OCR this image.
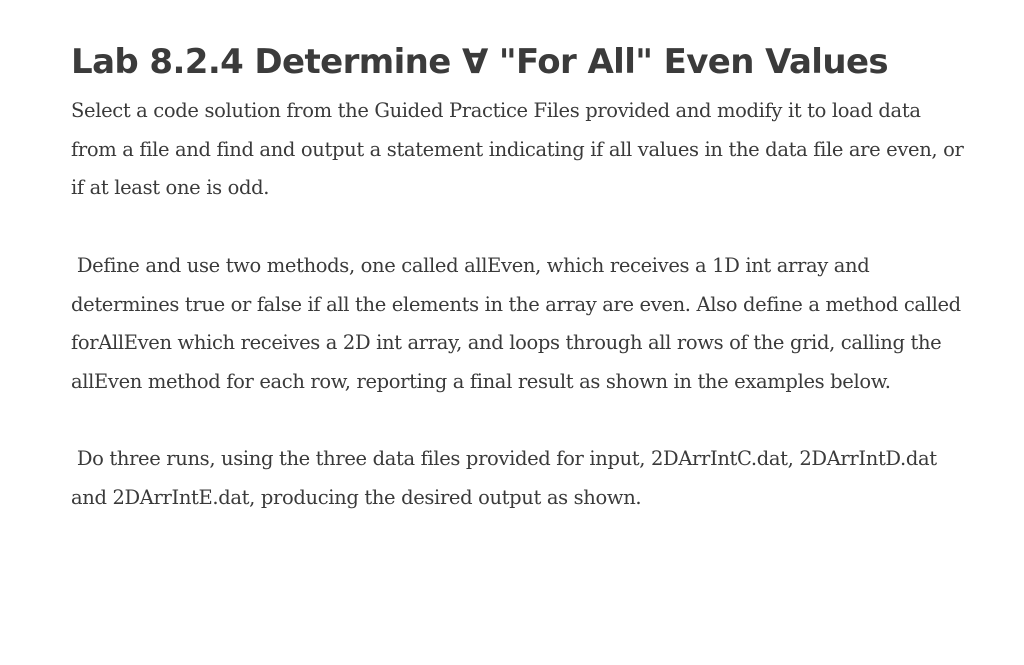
Lab 8.2.4 Determine ∀ "For All" Even Values

Select a code solution from the Guided Practice Files provided and modify it to load data from a file and find and output a statement indicating if all values in the data file are even, or if at least one is odd.

Define and use two methods, one called allEven, which receives a 1D int array and determines true or false if all the elements in the array are even. Also define a method called forAllEven which receives a 2D int array, and loops through all rows of the grid, calling the allEven method for each row, reporting a final result as shown in the examples below.

Do three runs, using the three data files provided for input, 2DArrIntC.dat, 2DArrIntD.dat and 2DArrIntE.dat, producing the desired output as shown.
